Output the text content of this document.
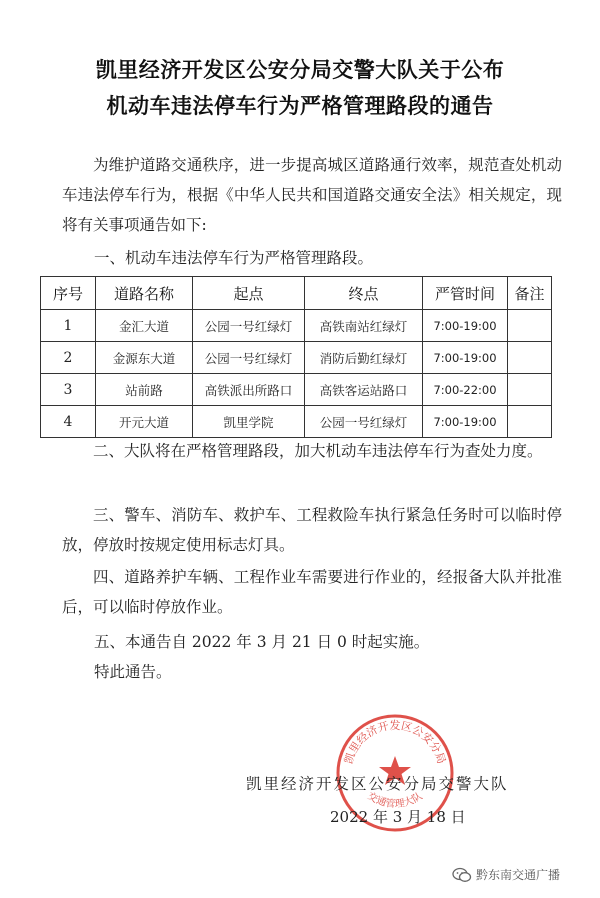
凯里经济开发区公安分局交警大队关于公布
机动车违法停车行为严格管理路段的通告
为维护道路交通秩序，进一步提高城区道路通行效率，规范查处机动车违法停车行为，根据《中华人民共和国道路交通安全法》相关规定，现将有关事项通告如下:
一、机动车违法停车行为严格管理路段。
序号	道路名称	起点	终点	严管时间	备注
1	金汇大道	公园一号红绿灯	高铁南站红绿灯	7:00-19:00	
2	金源东大道	公园一号红绿灯	消防后勤红绿灯	7:00-19:00	
3	站前路	高铁派出所路口	高铁客运站路口	7:00-22:00	
4	开元大道	凯里学院	公园一号红绿灯	7:00-19:00	
二、大队将在严格管理路段，加大机动车违法停车行为查处力度。
三、警车、消防车、救护车、工程救险车执行紧急任务时可以临时停放，停放时按规定使用标志灯具。
四、道路养护车辆、工程作业车需要进行作业的，经报备大队并批准后，可以临时停放作业。
五、本通告自 2022 年 3 月 21 日 0 时起实施。
特此通告。
凯里经济开发区公安分局
交通管理大队
凯里经济开发区公安分局交警大队
2022 年 3 月 18 日
黔东南交通广播
